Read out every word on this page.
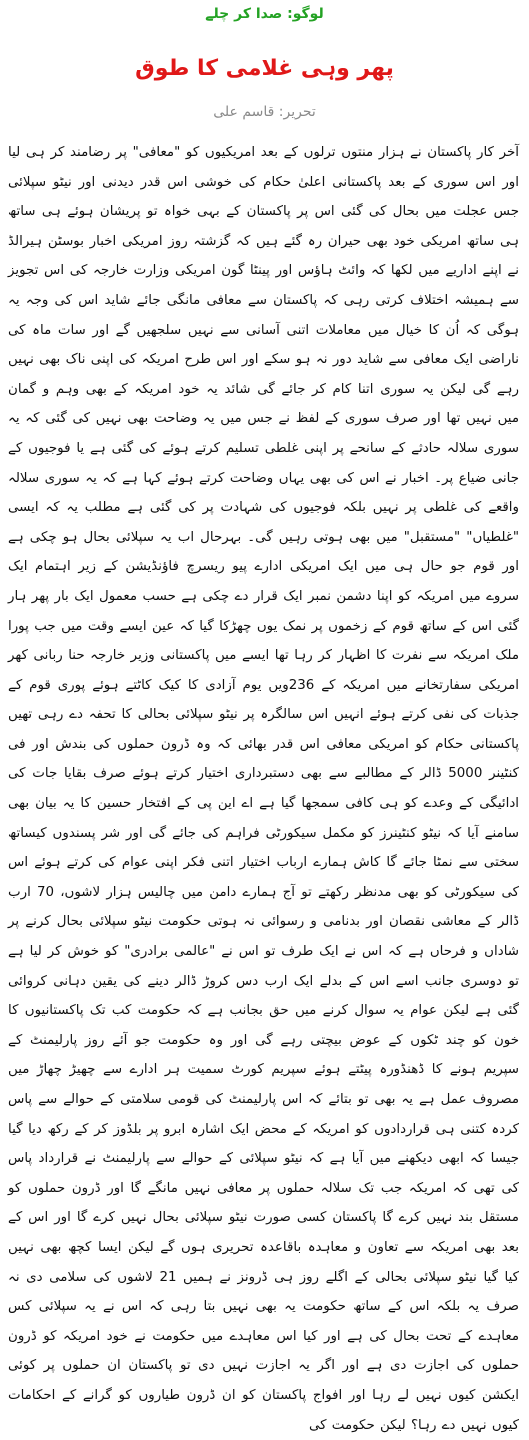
لوگو: صدا کر چلے
پھر وہی غلامی کا طوق
تحریر: قاسم علی
آخر کار پاکستان نے ہزار منتوں ترلوں کے بعد امریکیوں کو "معافی" پر رضامند کر ہی لیا اور اس سوری کے بعد پاکستانی اعلیٰ حکام کی خوشی اس قدر دیدنی اور نیٹو سپلائی جس عجلت میں بحال کی گئی اس پر پاکستان کے بہی خواہ تو پریشان ہوئے ہی ساتھ ہی ساتھ امریکی خود بھی حیران رہ گئے ہیں کہ گزشتہ روز امریکی اخبار بوسٹن ہیرالڈ نے اپنے اداریے میں لکھا کہ وائٹ ہاؤس اور پینٹا گون امریکی وزارت خارجہ کی اس تجویز سے ہمیشہ اختلاف کرتی رہی کہ پاکستان سے معافی مانگی جائے شاید اس کی وجہ یہ ہوگی کہ اُن کا خیال میں معاملات اتنی آسانی سے نہیں سلجھیں گے اور سات ماہ کی ناراضی ایک معافی سے شاید دور نہ ہو سکے اور اس طرح امریکہ کی اپنی ناک بھی نہیں رہے گی لیکن یہ سوری اتنا کام کر جائے گی شائد یہ خود امریکہ کے بھی وہم و گمان میں نہیں تھا اور صرف سوری کے لفظ نے جس میں یہ وضاحت بھی نہیں کی گئی کہ یہ سوری سلالہ حادثے کے سانحے پر اپنی غلطی تسلیم کرتے ہوئے کی گئی ہے یا فوجیوں کے جانی ضیاع پر۔ اخبار نے اس کی بھی یہاں وضاحت کرتے ہوئے کہا ہے کہ یہ سوری سلالہ واقعے کی غلطی پر نہیں بلکہ فوجیوں کی شہادت پر کی گئی ہے مطلب یہ کہ ایسی "غلطیاں" "مستقبل" میں بھی ہوتی رہیں گی۔ بہرحال اب یہ سپلائی بحال ہو چکی ہے اور قوم جو حال ہی میں ایک امریکی ادارے پیو ریسرچ فاؤنڈیشن کے زیر اہتمام ایک سروے میں امریکہ کو اپنا دشمن نمبر ایک قرار دے چکی ہے حسب معمول ایک بار پھر ہار گئی اس کے ساتھ قوم کے زخموں پر نمک یوں چھڑکا گیا کہ عین ایسے وقت میں جب پورا ملک امریکہ سے نفرت کا اظہار کر رہا تھا ایسے میں پاکستانی وزیر خارجہ حنا ربانی کھر امریکی سفارتخانے میں امریکہ کے 236ویں یوم آزادی کا کیک کاٹتے ہوئے پوری قوم کے جذبات کی نفی کرتے ہوئے انہیں اس سالگرہ پر نیٹو سپلائی بحالی کا تحفہ دے رہی تھیں پاکستانی حکام کو امریکی معافی اس قدر بھائی کہ وہ ڈرون حملوں کی بندش اور فی کنٹینر 5000 ڈالر کے مطالبے سے بھی دستبرداری اختیار کرتے ہوئے صرف بقایا جات کی ادائیگی کے وعدے کو ہی کافی سمجھا گیا ہے اے این پی کے افتخار حسین کا یہ بیان بھی سامنے آیا کہ نیٹو کنٹینرز کو مکمل سیکورٹی فراہم کی جائے گی اور شر پسندوں کیساتھ سختی سے نمٹا جائے گا کاش ہمارے ارباب اختیار اتنی فکر اپنی عوام کی کرتے ہوئے اس کی سیکورٹی کو بھی مدنظر رکھتے تو آج ہمارے دامن میں چالیس ہزار لاشوں، 70 ارب ڈالر کے معاشی نقصان اور بدنامی و رسوائی نہ ہوتی حکومت نیٹو سپلائی بحال کرنے پر شاداں و فرحاں ہے کہ اس نے ایک طرف تو اس نے "عالمی برادری" کو خوش کر لیا ہے تو دوسری جانب اسے اس کے بدلے ایک ارب دس کروڑ ڈالر دینے کی یقین دہانی کروائی گئی ہے لیکن عوام یہ سوال کرنے میں حق بجانب ہے کہ حکومت کب تک پاکستانیوں کا خون کو چند ٹکوں کے عوض بیچتی رہے گی اور وہ حکومت جو آئے روز پارلیمنٹ کے سپریم ہونے کا ڈھنڈورہ پیٹتے ہوئے سپریم کورٹ سمیت ہر ادارے سے چھیڑ چھاڑ میں مصروف عمل ہے یہ بھی تو بتائے کہ اس پارلیمنٹ کی قومی سلامتی کے حوالے سے پاس کردہ کتنی ہی قراردادوں کو امریکہ کے محض ایک اشارہ ابرو پر بلڈوز کر کے رکھ دیا گیا جیسا کہ ابھی دیکھنے میں آیا ہے کہ نیٹو سپلائی کے حوالے سے پارلیمنٹ نے قرارداد پاس کی تھی کہ امریکہ جب تک سلالہ حملوں پر معافی نہیں مانگے گا اور ڈرون حملوں کو مستقل بند نہیں کرے گا پاکستان کسی صورت نیٹو سپلائی بحال نہیں کرے گا اور اس کے بعد بھی امریکہ سے تعاون و معاہدہ باقاعدہ تحریری ہوں گے لیکن ایسا کچھ بھی نہیں کیا گیا نیٹو سپلائی بحالی کے اگلے روز ہی ڈرونز نے ہمیں 21 لاشوں کی سلامی دی نہ صرف یہ بلکہ اس کے ساتھ حکومت یہ بھی نہیں بتا رہی کہ اس نے یہ سپلائی کس معاہدے کے تحت بحال کی ہے اور کیا اس معاہدے میں حکومت نے خود امریکہ کو ڈرون حملوں کی اجازت دی ہے اور اگر یہ اجازت نہیں دی تو پاکستان ان حملوں پر کوئی ایکشن کیوں نہیں لے رہا اور افواج پاکستان کو ان ڈرون طیاروں کو گرانے کے احکامات کیوں نہیں دے رہا؟ لیکن حکومت کی
